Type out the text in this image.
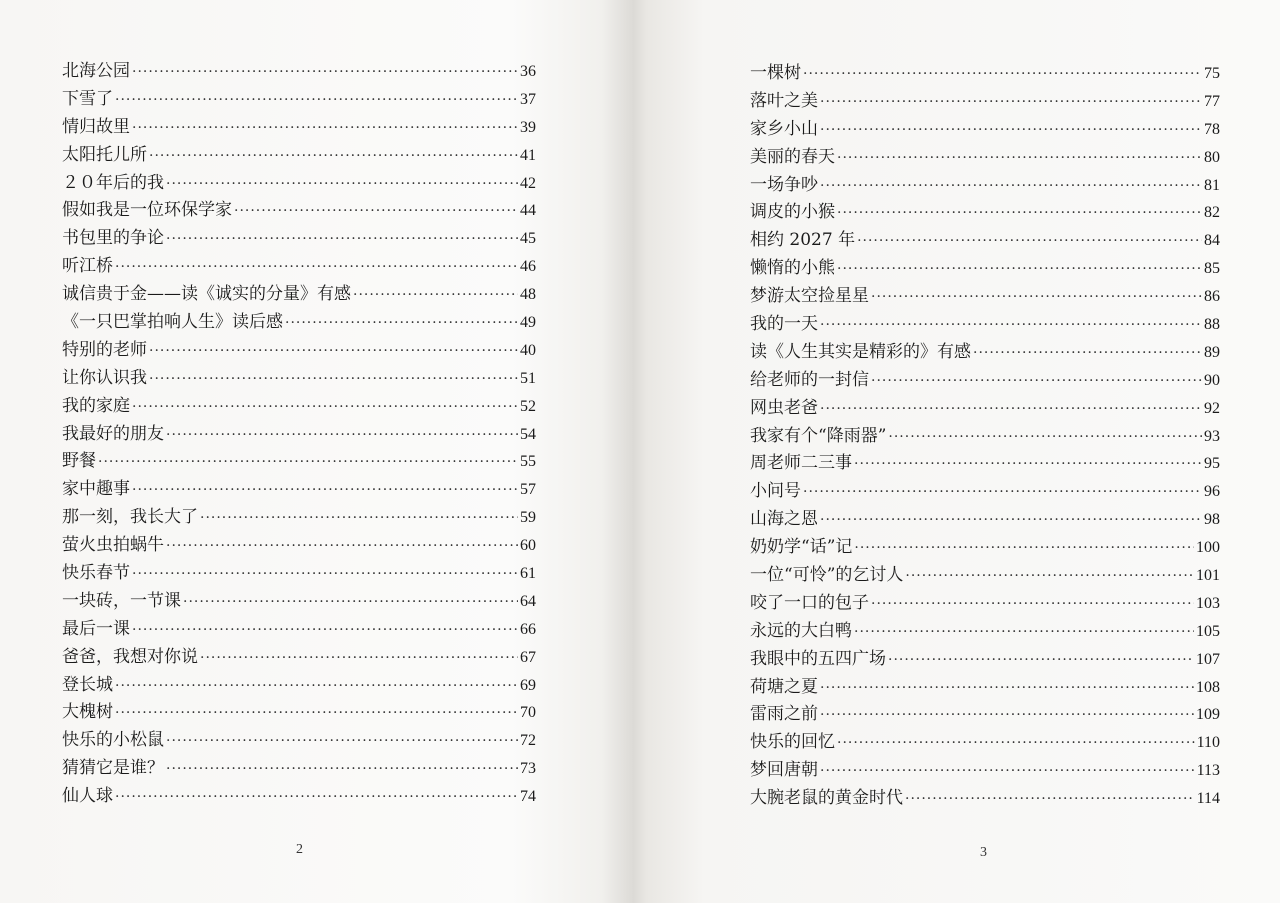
北海公园 ·····	36
下雪了 ·····	37
情归故里 ·····	39
太阳托儿所 ·····	41
２０年后的我 ·····	42
假如我是一位环保学家 ·····	44
书包里的争论 ·····	45
听江桥 ·····	46
诚信贵于金——读《诚实的分量》有感 ·····	48
《一只巴掌拍响人生》读后感 ·····	49
特别的老师 ·····	40
让你认识我 ·····	51
我的家庭 ·····	52
我最好的朋友 ·····	54
野餐 ·····	55
家中趣事 ·····	57
那一刻，我长大了 ·····	59
萤火虫拍蜗牛 ·····	60
快乐春节 ·····	61
一块砖，一节课 ·····	64
最后一课 ·····	66
爸爸，我想对你说 ·····	67
登长城 ·····	69
大槐树 ·····	70
快乐的小松鼠 ·····	72
猜猜它是谁？ ·····	73
仙人球 ·····	74
2
一棵树 ·····	75
落叶之美 ·····	77
家乡小山 ·····	78
美丽的春天 ·····	80
一场争吵 ·····	81
调皮的小猴 ·····	82
相约 2027 年 ·····	84
懒惰的小熊 ·····	85
梦游太空捡星星 ·····	86
我的一天 ·····	88
读《人生其实是精彩的》有感 ·····	89
给老师的一封信 ·····	90
网虫老爸 ·····	92
我家有个“降雨器” ·····	93
周老师二三事 ·····	95
小问号 ·····	96
山海之恩 ·····	98
奶奶学“话”记 ·····	100
一位“可怜”的乞讨人 ·····	101
咬了一口的包子 ·····	103
永远的大白鸭 ·····	105
我眼中的五四广场 ·····	107
荷塘之夏 ·····	108
雷雨之前 ·····	109
快乐的回忆 ·····	110
梦回唐朝 ·····	113
大腕老鼠的黄金时代 ·····	114
3
